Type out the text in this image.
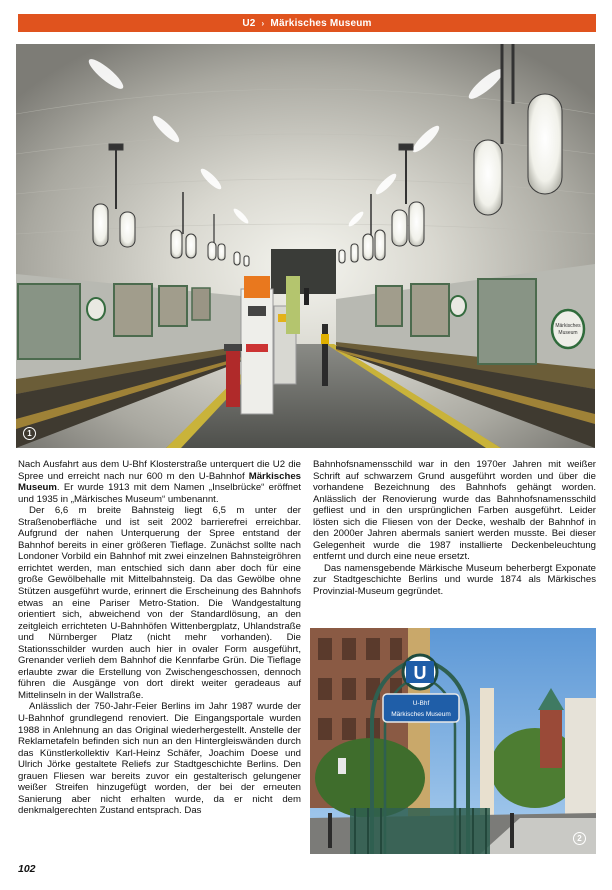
U2 › Märkisches Museum
Märkisches
Museum
1

Nach Ausfahrt aus dem U-Bhf Klosterstraße unterquert die U2 die Spree und erreicht nach nur 600 m den U-Bahnhof Märkisches Museum. Er wurde 1913 mit dem Namen „Inselbrücke“ eröffnet und 1935 in „Märkisches Museum“ umbenannt.

Der 6,6 m breite Bahnsteig liegt 6,5 m unter der Straßenoberfläche und ist seit 2002 barrierefrei erreichbar. Aufgrund der nahen Unterquerung der Spree entstand der Bahnhof bereits in einer größeren Tieflage. Zunächst sollte nach Londoner Vorbild ein Bahnhof mit zwei einzelnen Bahnsteigröhren errichtet werden, man entschied sich dann aber doch für eine große Gewölbehalle mit Mittelbahnsteig. Da das Gewölbe ohne Stützen ausgeführt wurde, erinnert die Erscheinung des Bahnhofs etwas an eine Pariser Metro-Station. Die Wandgestaltung orientiert sich, abweichend von der Standardlösung, an den zeitgleich errichteten U-Bahnhöfen Wittenbergplatz, Uhlandstraße und Nürnberger Platz (nicht mehr vorhanden). Die Stationsschilder wurden auch hier in ovaler Form ausgeführt, Grenander verlieh dem Bahnhof die Kennfarbe Grün. Die Tieflage erlaubte zwar die Erstellung von Zwischengeschossen, dennoch führen die Ausgänge von dort direkt weiter geradeaus auf Mittelinseln in der Wallstraße.

Anlässlich der 750-Jahr-Feier Berlins im Jahr 1987 wurde der U-Bahnhof grundlegend renoviert. Die Eingangsportale wurden 1988 in Anlehnung an das Original wiederhergestellt. Anstelle der Reklametafeln befinden sich nun an den Hintergleiswänden durch das Künstlerkollektiv Karl-Heinz Schäfer, Joachim Doese und Ulrich Jörke gestaltete Reliefs zur Stadtgeschichte Berlins. Den grauen Fliesen war bereits zuvor ein gestalterisch gelungener weißer Streifen hinzugefügt worden, der bei der erneuten Sanierung aber nicht erhalten wurde, da er nicht dem denkmalgerechten Zustand entsprach. Das

Bahnhofsnamensschild war in den 1970er Jahren mit weißer Schrift auf schwarzem Grund ausgeführt worden und über die vorhandene Bezeichnung des Bahnhofs gehängt worden. Anlässlich der Renovierung wurde das Bahnhofsnamensschild gefliest und in den ursprünglichen Farben ausgeführt. Leider lösten sich die Fliesen von der Decke, weshalb der Bahnhof in den 2000er Jahren abermals saniert werden musste. Bei dieser Gelegenheit wurde die 1987 installierte Deckenbeleuchtung entfernt und durch eine neue ersetzt.

Das namensgebende Märkische Museum beherbergt Exponate zur Stadtgeschichte Berlins und wurde 1874 als Märkisches Provinzial-Museum gegründet.

U
U-Bhf
Märkisches Museum
2
102
